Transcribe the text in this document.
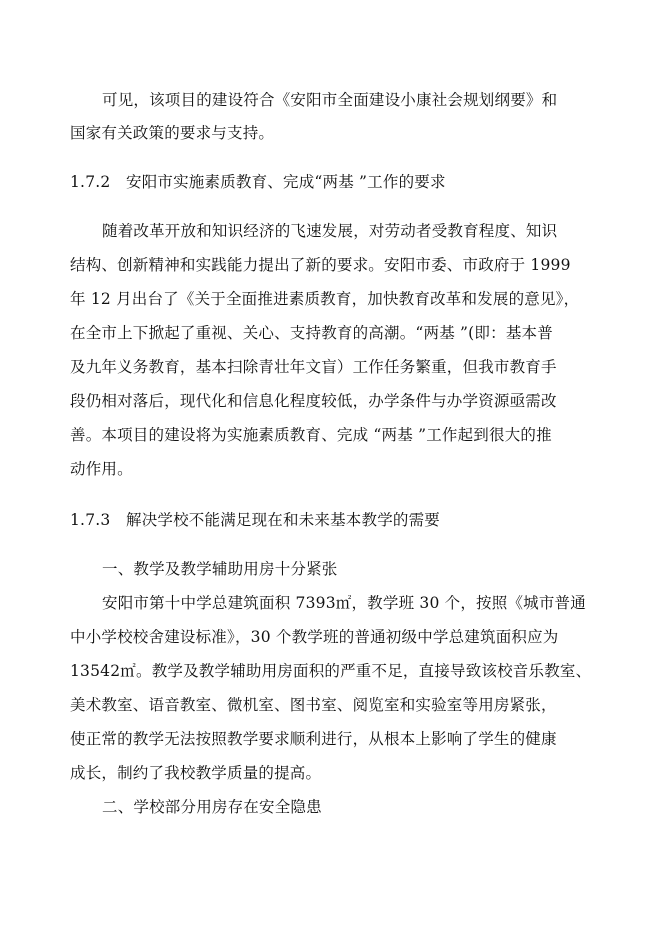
可见，该项目的建设符合《安阳市全面建设小康社会规划纲要》和
国家有关政策的要求与支持。
1.7.2 安阳市实施素质教育、完成“两基 ”工作的要求
随着改革开放和知识经济的飞速发展，对劳动者受教育程度、知识
结构、创新精神和实践能力提出了新的要求。安阳市委、市政府于 1999
年 12 月出台了《关于全面推进素质教育，加快教育改革和发展的意见》，
在全市上下掀起了重视、关心、支持教育的高潮。“两基 ”(即：基本普
及九年义务教育，基本扫除青壮年文盲）工作任务繁重，但我市教育手
段仍相对落后，现代化和信息化程度较低，办学条件与办学资源亟需改
善。本项目的建设将为实施素质教育、完成 “两基 ”工作起到很大的推
动作用。
1.7.3 解决学校不能满足现在和未来基本教学的需要
一、教学及教学辅助用房十分紧张
安阳市第十中学总建筑面积 7393㎡，教学班 30 个，按照《城市普通
中小学校校舍建设标准》，30 个教学班的普通初级中学总建筑面积应为
13542㎡。教学及教学辅助用房面积的严重不足，直接导致该校音乐教室、
美术教室、语音教室、微机室、图书室、阅览室和实验室等用房紧张，
使正常的教学无法按照教学要求顺利进行，从根本上影响了学生的健康
成长，制约了我校教学质量的提高。
二、学校部分用房存在安全隐患
